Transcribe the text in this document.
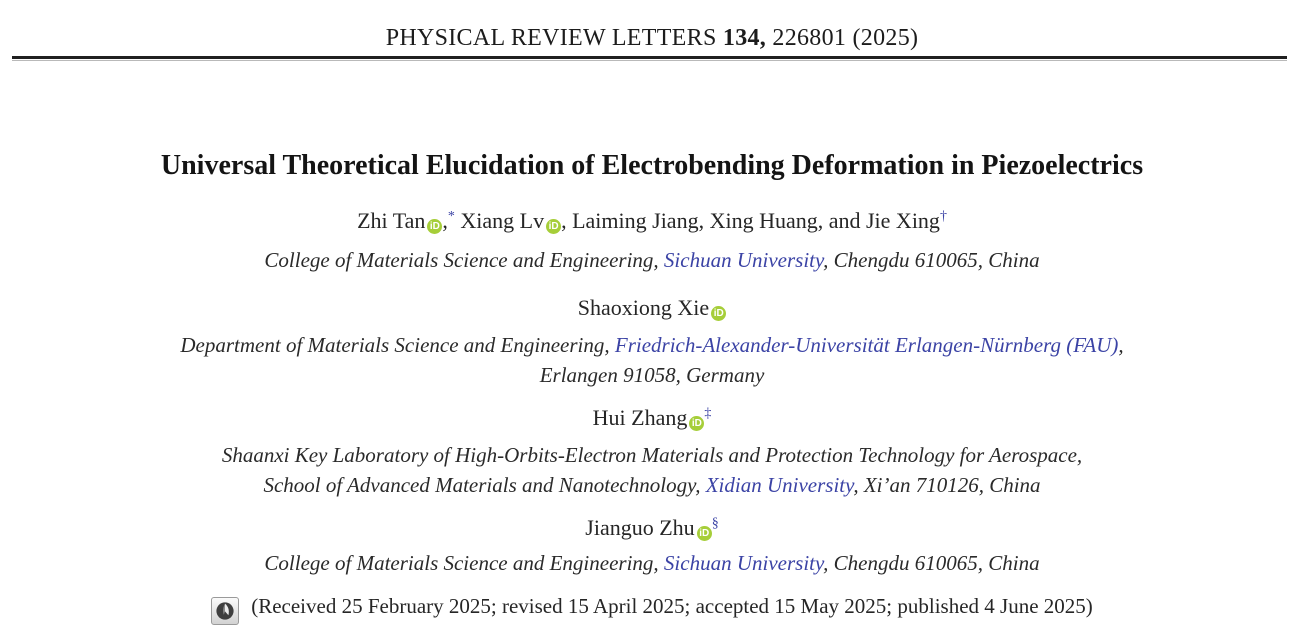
PHYSICAL REVIEW LETTERS 134, 226801 (2025)
Universal Theoretical Elucidation of Electrobending Deformation in Piezoelectrics
Zhi Tan iD ,* Xiang Lv iD , Laiming Jiang, Xing Huang, and Jie Xing†
College of Materials Science and Engineering, Sichuan University, Chengdu 610065, China
Shaoxiong Xie iD
Department of Materials Science and Engineering, Friedrich-Alexander-Universität Erlangen-Nürnberg (FAU),
Erlangen 91058, Germany
Hui Zhang iD‡
Shaanxi Key Laboratory of High-Orbits-Electron Materials and Protection Technology for Aerospace,
School of Advanced Materials and Nanotechnology, Xidian University, Xi’an 710126, China
Jianguo Zhu iD§
College of Materials Science and Engineering, Sichuan University, Chengdu 610065, China
(Received 25 February 2025; revised 15 April 2025; accepted 15 May 2025; published 4 June 2025)
